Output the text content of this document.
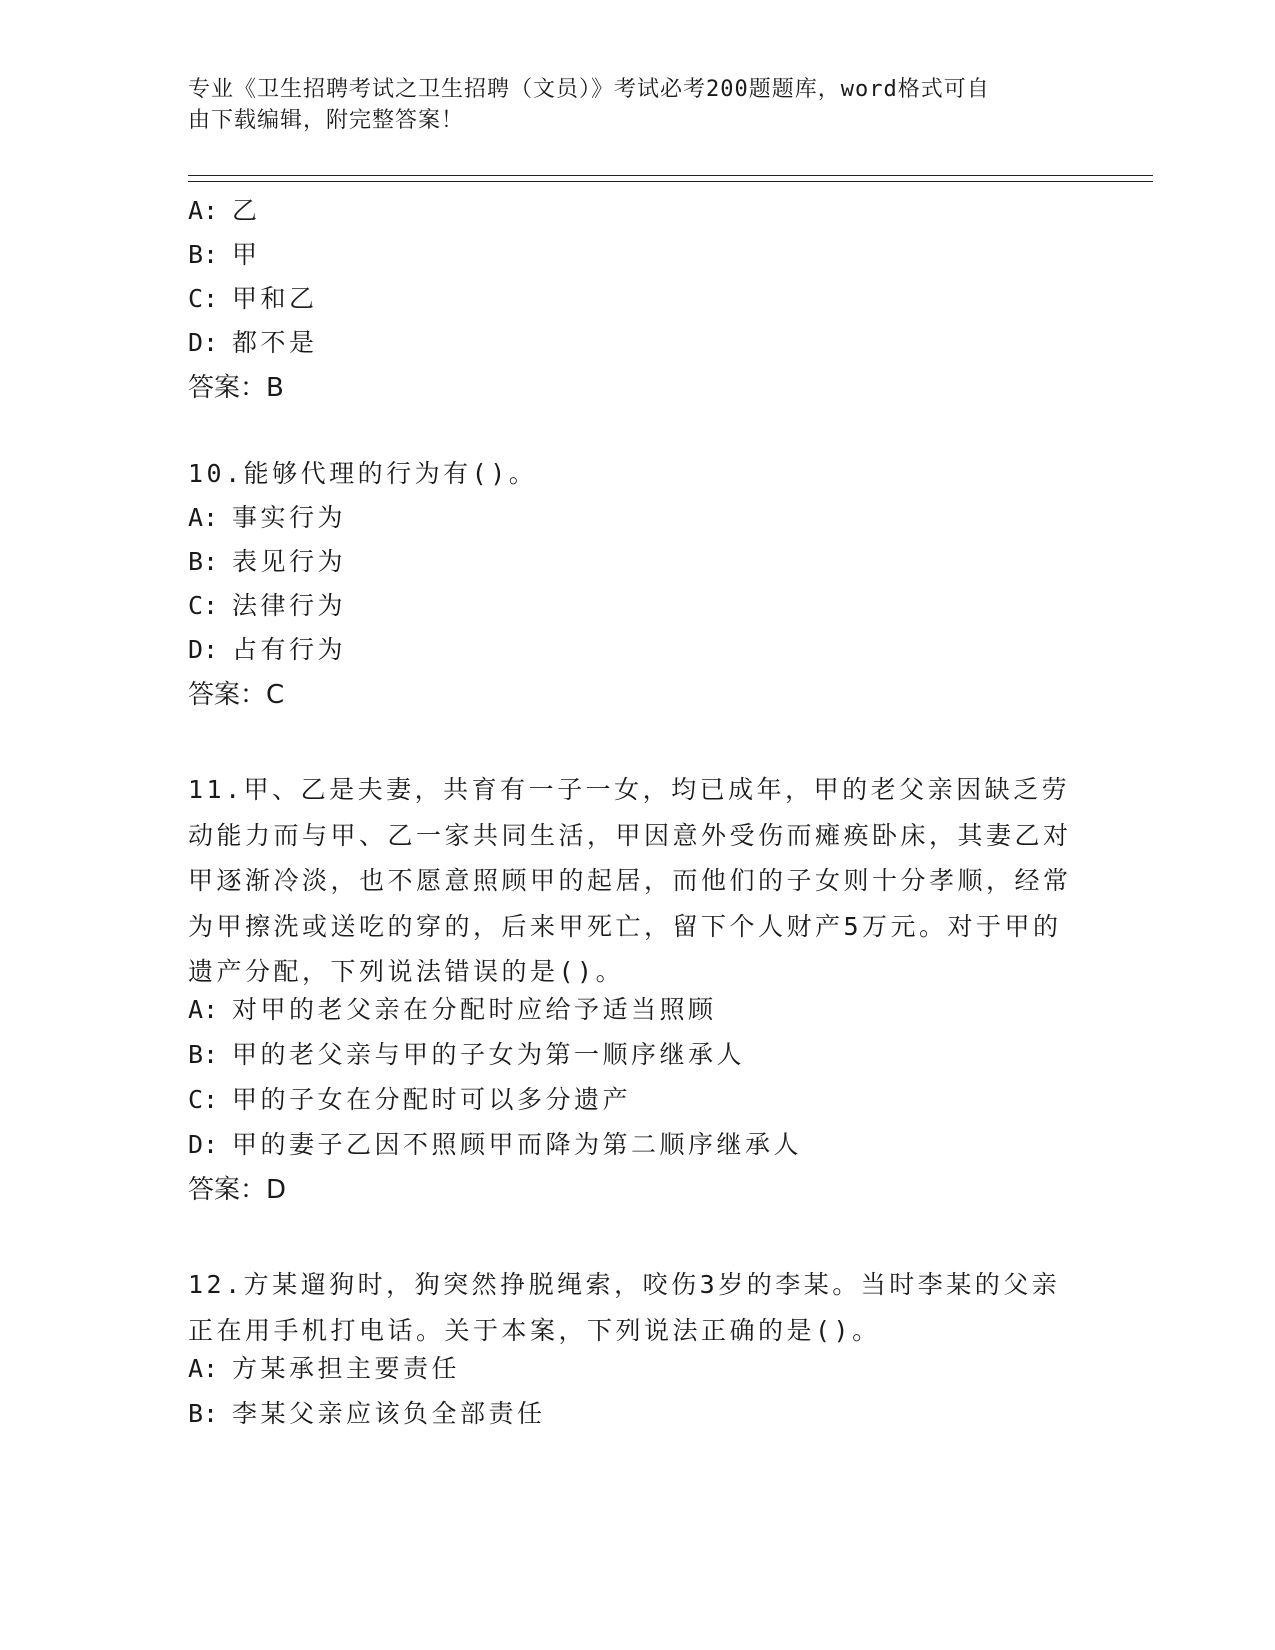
专业《卫生招聘考试之卫生招聘（文员）》考试必考200题题库，word格式可自
由下载编辑，附完整答案！
A: 乙
B: 甲
C: 甲和乙
D: 都不是
答案：B
10.能够代理的行为有()。
A: 事实行为
B: 表见行为
C: 法律行为
D: 占有行为
答案：C
11.甲、乙是夫妻，共育有一子一女，均已成年，甲的老父亲因缺乏劳动能力而与甲、乙一家共同生活，甲因意外受伤而瘫痪卧床，其妻乙对甲逐渐冷淡，也不愿意照顾甲的起居，而他们的子女则十分孝顺，经常为甲擦洗或送吃的穿的，后来甲死亡，留下个人财产5万元。对于甲的遗产分配，下列说法错误的是()。
A: 对甲的老父亲在分配时应给予适当照顾
B: 甲的老父亲与甲的子女为第一顺序继承人
C: 甲的子女在分配时可以多分遗产
D: 甲的妻子乙因不照顾甲而降为第二顺序继承人
答案：D
12.方某遛狗时，狗突然挣脱绳索，咬伤3岁的李某。当时李某的父亲正在用手机打电话。关于本案，下列说法正确的是()。
A: 方某承担主要责任
B: 李某父亲应该负全部责任
